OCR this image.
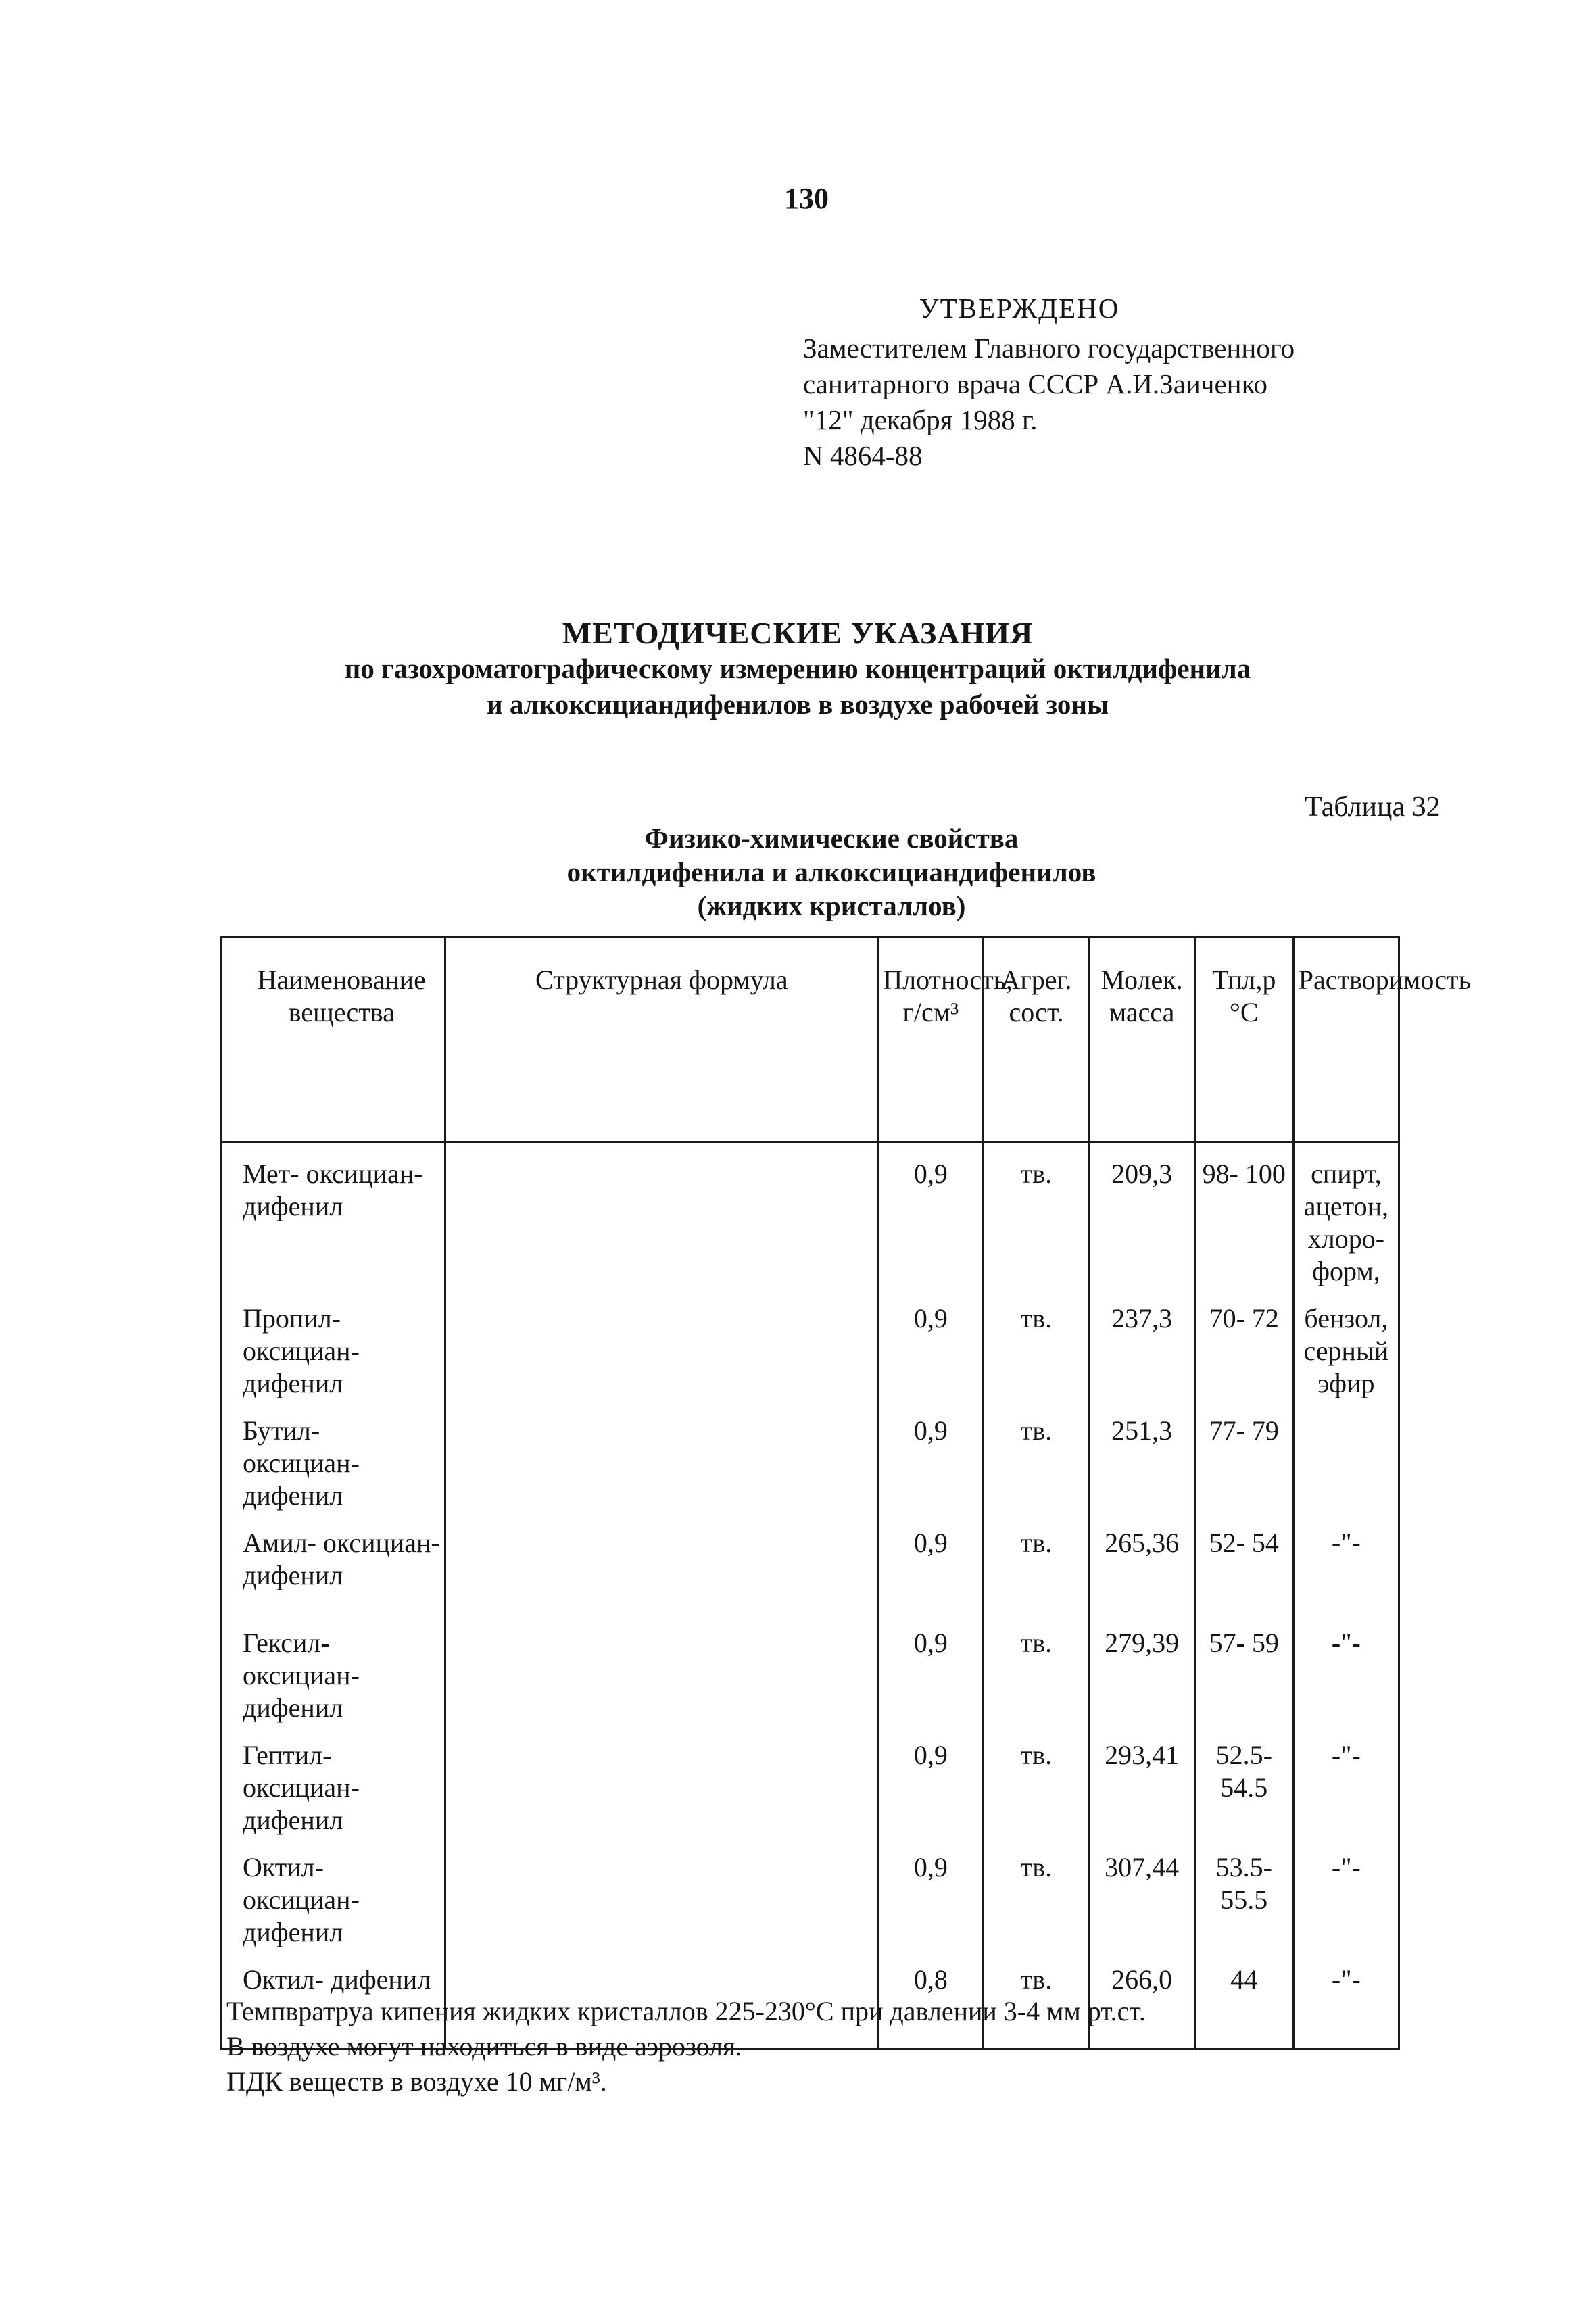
130
УТВЕРЖДЕНО
Заместителем Главного государственного
санитарного врача СССР А.И.Заиченко
"12" декабря 1988 г.
N 4864-88
МЕТОДИЧЕСКИЕ УКАЗАНИЯ
по газохроматографическому измерению концентраций октилдифенила
и алкоксициандифенилов в воздухе рабочей зоны
Таблица 32
Физико-химические свойства
октилдифенила и алкоксициандифенилов
(жидких кристаллов)
Наименование вещества	Структурная формула	Плотность, г/см³	Агрег. сост.	Молек. масса	Тпл,р °С	Растворимость
Мет- оксициан- дифенил		0,9	тв.	209,3	98- 100	спирт, ацетон, хлоро- форм,
Пропил- оксициан- дифенил		0,9	тв.	237,3	70- 72	бензол, серный эфир
Бутил- оксициан- дифенил		0,9	тв.	251,3	77- 79	
Амил- оксициан- дифенил		0,9	тв.	265,36	52- 54	-"-
Гексил- оксициан- дифенил		0,9	тв.	279,39	57- 59	-"-
Гептил- оксициан- дифенил		0,9	тв.	293,41	52.5- 54.5	-"-
Октил- оксициан- дифенил		0,9	тв.	307,44	53.5- 55.5	-"-
Октил- дифенил		0,8	тв.	266,0	44	-"-
Темпвратруа кипения жидких кристаллов 225-230°С при давлении 3-4 мм рт.ст.
В воздухе могут находиться в виде аэрозоля.
ПДК веществ в воздухе 10 мг/м³.
